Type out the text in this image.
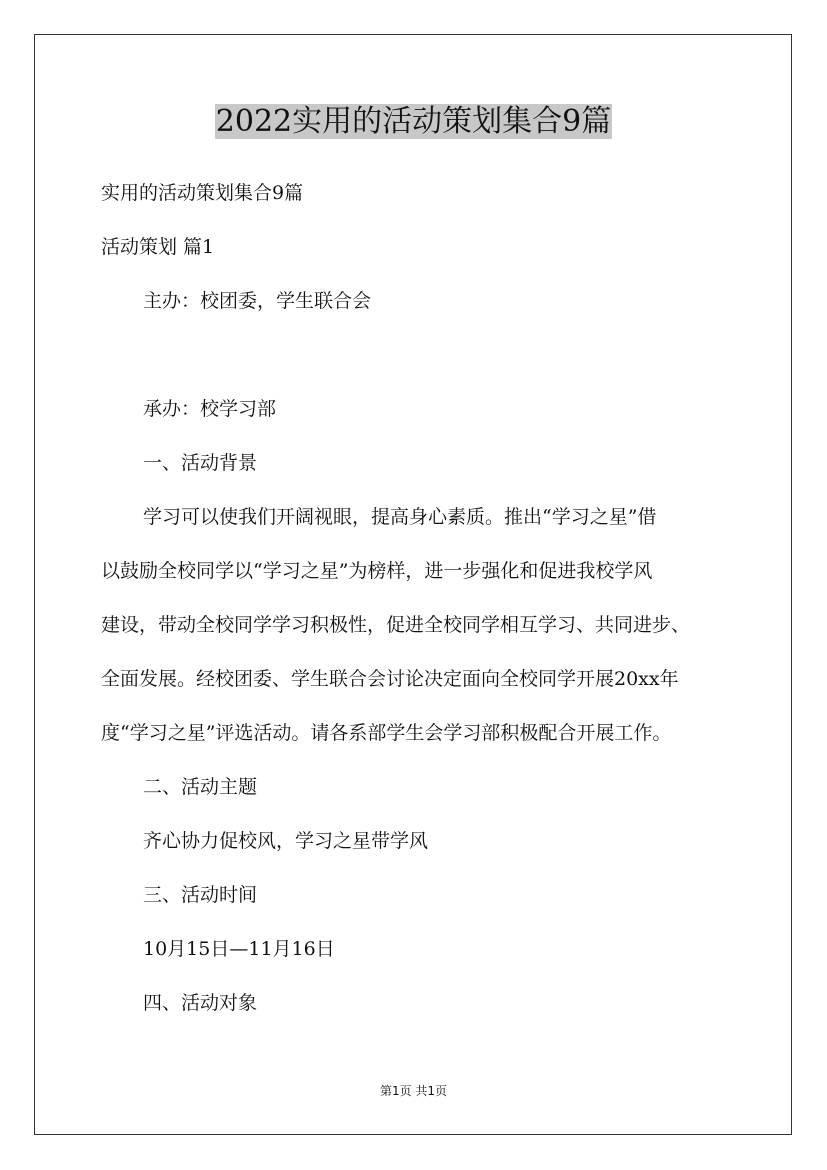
2022实用的活动策划集合9篇
实用的活动策划集合9篇
活动策划 篇1
主办：校团委，学生联合会
承办：校学习部
一、活动背景
学习可以使我们开阔视眼，提高身心素质。推出“学习之星”借
以鼓励全校同学以“学习之星”为榜样，进一步强化和促进我校学风
建设，带动全校同学学习积极性，促进全校同学相互学习、共同进步、
全面发展。经校团委、学生联合会讨论决定面向全校同学开展20xx年
度“学习之星”评选活动。请各系部学生会学习部积极配合开展工作。
二、活动主题
齐心协力促校风，学习之星带学风
三、活动时间
10月15日—11月16日
四、活动对象
第1页 共1页
